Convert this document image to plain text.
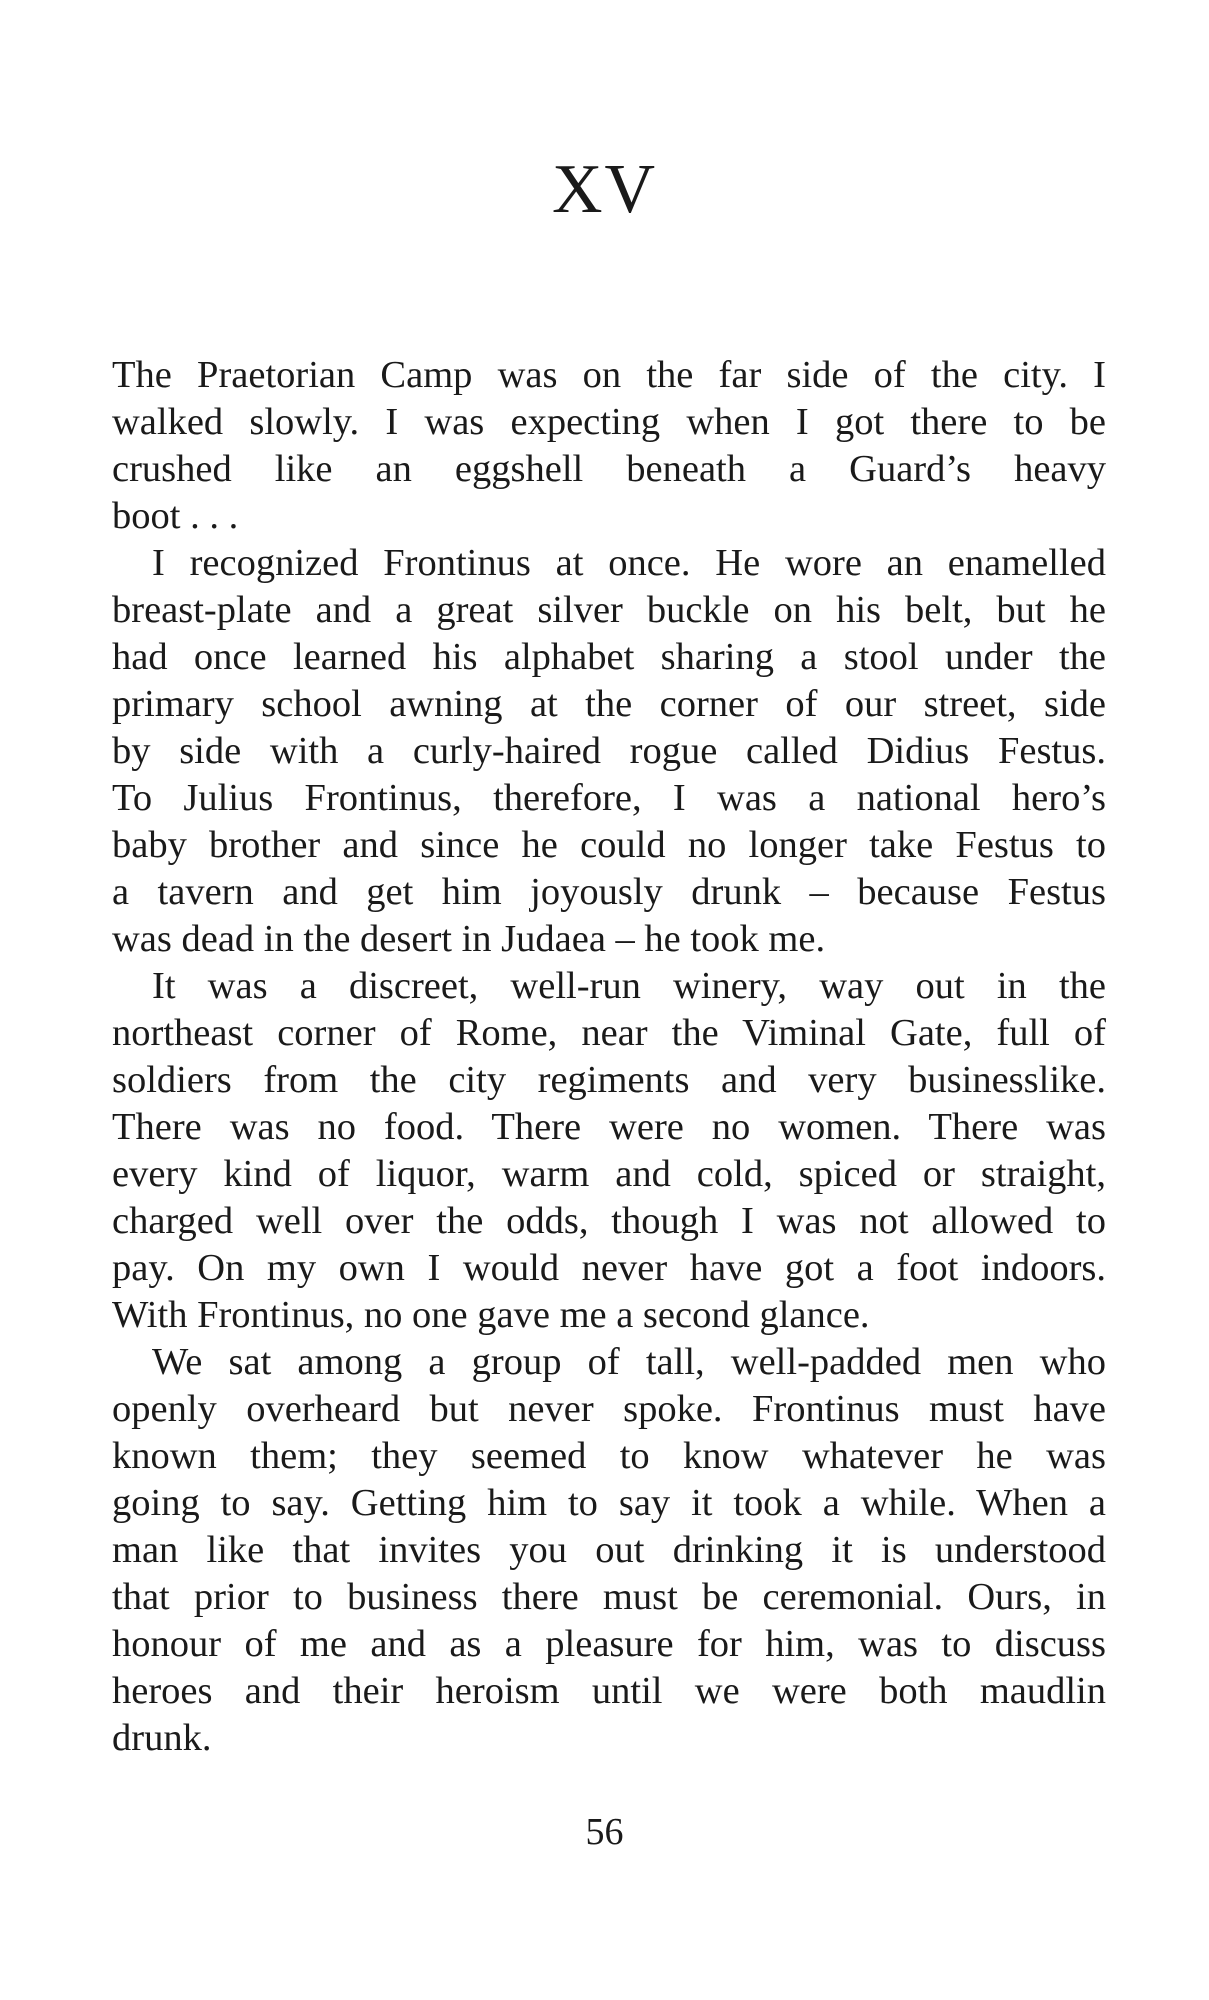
XV
The Praetorian Camp was on the far side of the city. I
walked slowly. I was expecting when I got there to be
crushed like an eggshell beneath a Guard’s heavy
boot . . .
I recognized Frontinus at once. He wore an enamelled
breast-plate and a great silver buckle on his belt, but he
had once learned his alphabet sharing a stool under the
primary school awning at the corner of our street, side
by side with a curly-haired rogue called Didius Festus.
To Julius Frontinus, therefore, I was a national hero’s
baby brother and since he could no longer take Festus to
a tavern and get him joyously drunk – because Festus
was dead in the desert in Judaea – he took me.
It was a discreet, well-run winery, way out in the
northeast corner of Rome, near the Viminal Gate, full of
soldiers from the city regiments and very businesslike.
There was no food. There were no women. There was
every kind of liquor, warm and cold, spiced or straight,
charged well over the odds, though I was not allowed to
pay. On my own I would never have got a foot indoors.
With Frontinus, no one gave me a second glance.
We sat among a group of tall, well-padded men who
openly overheard but never spoke. Frontinus must have
known them; they seemed to know whatever he was
going to say. Getting him to say it took a while. When a
man like that invites you out drinking it is understood
that prior to business there must be ceremonial. Ours, in
honour of me and as a pleasure for him, was to discuss
heroes and their heroism until we were both maudlin
drunk.
56
